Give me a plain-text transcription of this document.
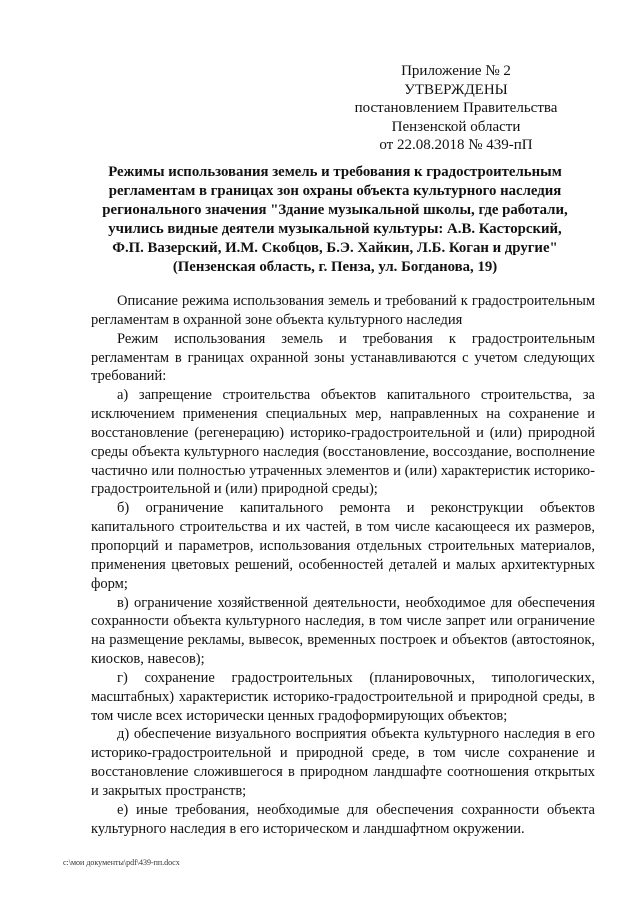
Приложение № 2
УТВЕРЖДЕНЫ
постановлением Правительства
Пензенской области
от 22.08.2018 № 439-пП
Режимы использования земель и требования к градостроительным
регламентам в границах зон охраны объекта культурного наследия
регионального значения "Здание музыкальной школы, где работали,
учились видные деятели музыкальной культуры: А.В. Касторский,
Ф.П. Вазерский, И.М. Скобцов, Б.Э. Хайкин, Л.Б. Коган и другие"
(Пензенская область, г. Пенза, ул. Богданова, 19)

Описание режима использования земель и требований к градостроительным регламентам в охранной зоне объекта культурного наследия

Режим использования земель и требования к градостроительным регламентам в границах охранной зоны устанавливаются с учетом следующих требований:

а) запрещение строительства объектов капитального строительства, за исключением применения специальных мер, направленных на сохранение и восстановление (регенерацию) историко-градостроительной и (или) природной среды объекта культурного наследия (восстановление, воссоздание, восполнение частично или полностью утраченных элементов и (или) характеристик историко-градостроительной и (или) природной среды);

б) ограничение капитального ремонта и реконструкции объектов капитального строительства и их частей, в том числе касающееся их размеров, пропорций и параметров, использования отдельных строительных материалов, применения цветовых решений, особенностей деталей и малых архитектурных форм;

в) ограничение хозяйственной деятельности, необходимое для обеспечения сохранности объекта культурного наследия, в том числе запрет или ограничение на размещение рекламы, вывесок, временных построек и объектов (автостоянок, киосков, навесов);

г) сохранение градостроительных (планировочных, типологических, масштабных) характеристик историко-градостроительной и природной среды, в том числе всех исторически ценных градоформирующих объектов;

д) обеспечение визуального восприятия объекта культурного наследия в его историко-градостроительной и природной среде, в том числе сохранение и восстановление сложившегося в природном ландшафте соотношения открытых и закрытых пространств;

е) иные требования, необходимые для обеспечения сохранности объекта культурного наследия в его историческом и ландшафтном окружении.

c:\мои документы\pdf\439-пп.docx
